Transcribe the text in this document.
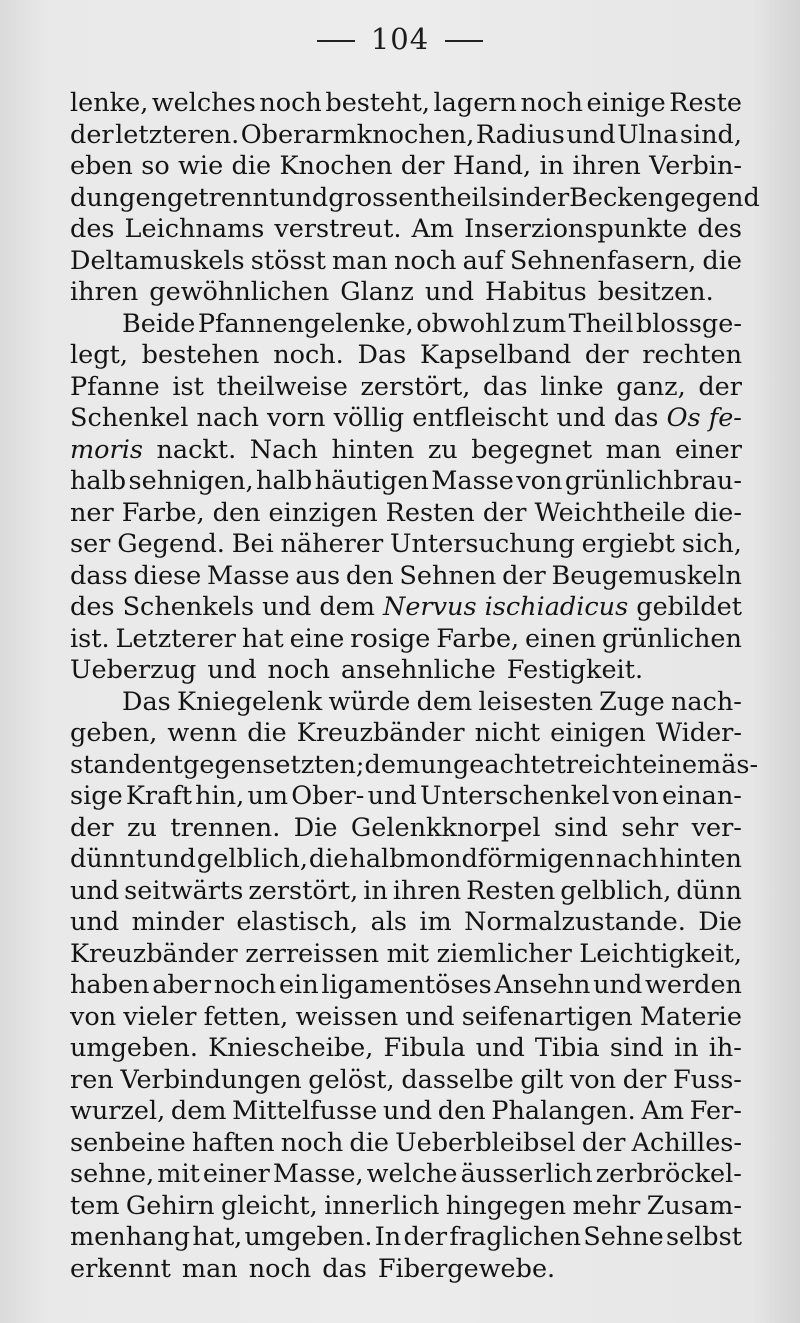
104
lenke, welches noch besteht, lagern noch einige Reste
der letzteren. Oberarmknochen, Radius und Ulna sind,
eben so wie die Knochen der Hand, in ihren Verbin-
dungen getrennt und grossentheils in der Beckengegend
des Leichnams verstreut. Am Inserzionspunkte des
Deltamuskels stösst man noch auf Sehnenfasern, die
ihren gewöhnlichen Glanz und Habitus besitzen.
Beide Pfannengelenke, obwohl zum Theil blossge-
legt, bestehen noch. Das Kapselband der rechten
Pfanne ist theilweise zerstört, das linke ganz, der
Schenkel nach vorn völlig entfleischt und das Os fe-
moris nackt. Nach hinten zu begegnet man einer
halb sehnigen, halb häutigen Masse von grünlichbrau-
ner Farbe, den einzigen Resten der Weichtheile die-
ser Gegend. Bei näherer Untersuchung ergiebt sich,
dass diese Masse aus den Sehnen der Beugemuskeln
des Schenkels und dem Nervus ischiadicus gebildet
ist. Letzterer hat eine rosige Farbe, einen grünlichen
Ueberzug und noch ansehnliche Festigkeit.
Das Kniegelenk würde dem leisesten Zuge nach-
geben, wenn die Kreuzbänder nicht einigen Wider-
stand entgegensetzten; demungeachtet reicht eine mäs-
sige Kraft hin, um Ober- und Unterschenkel von einan-
der zu trennen. Die Gelenkknorpel sind sehr ver-
dünnt und gelblich, die halbmondförmigen nach hinten
und seitwärts zerstört, in ihren Resten gelblich, dünn
und minder elastisch, als im Normalzustande. Die
Kreuzbänder zerreissen mit ziemlicher Leichtigkeit,
haben aber noch ein ligamentöses Ansehn und werden
von vieler fetten, weissen und seifenartigen Materie
umgeben. Kniescheibe, Fibula und Tibia sind in ih-
ren Verbindungen gelöst, dasselbe gilt von der Fuss-
wurzel, dem Mittelfusse und den Phalangen. Am Fer-
senbeine haften noch die Ueberbleibsel der Achilles-
sehne, mit einer Masse, welche äusserlich zerbröckel-
tem Gehirn gleicht, innerlich hingegen mehr Zusam-
menhang hat, umgeben. In der fraglichen Sehne selbst
erkennt man noch das Fibergewebe.
